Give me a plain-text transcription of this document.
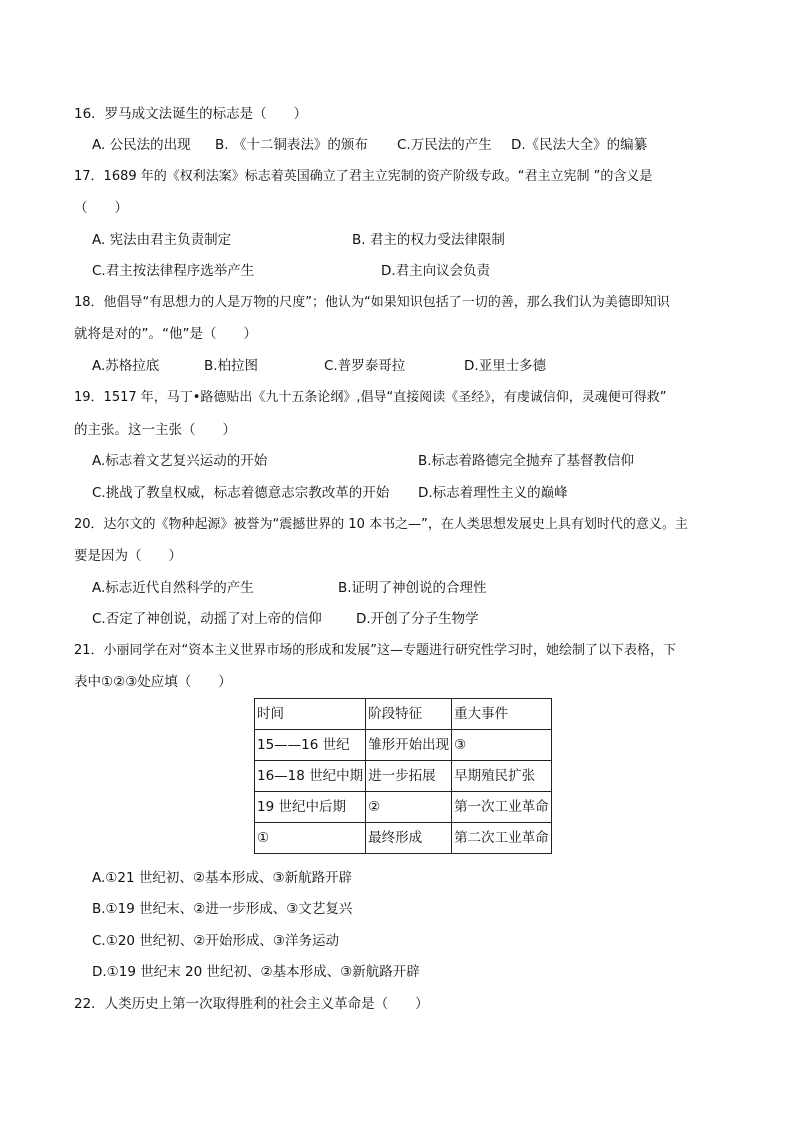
16．罗马成文法诞生的标志是（　　）
A. 公民法的出现 B. 《十二铜表法》的颁布 C.万民法的产生 D.《民法大全》的编纂
17．1689 年的《权利法案》标志着英国确立了君主立宪制的资产阶级专政。“君主立宪制 ”的含义是
（　　）
A. 宪法由君主负责制定	B. 君主的权力受法律限制
C.君主按法律程序选举产生	D.君主向议会负责
18．他倡导“有思想力的人是万物的尺度”；他认为“如果知识包括了一切的善，那么我们认为美德即知识
就将是对的”。“他”是（　　）
A.苏格拉底	B.柏拉图	C.普罗泰哥拉	D.亚里士多德
19．1517 年，马丁•路德贴出《九十五条论纲》,倡导“直接阅读《圣经》，有虔诚信仰，灵魂便可得救”
的主张。这一主张（　　）
A.标志着文艺复兴运动的开始	B.标志着路德完全抛弃了基督教信仰
C.挑战了教皇权威，标志着德意志宗教改革的开始 D.标志着理性主义的巅峰
20．达尔文的《物种起源》被誉为“震撼世界的 10 本书之—”，在人类思想发展史上具有划时代的意义。主
要是因为（　　）
A.标志近代自然科学的产生	B.证明了神创说的合理性
C.否定了神创说，动摇了对上帝的信仰	D.开创了分子生物学
21．小丽同学在对“资本主义世界市场的形成和发展”这—专题进行研究性学习时，她绘制了以下表格，下
表中①②③处应填（　　）
时间	阶段特征	重大事件
15——16 世纪	雏形开始出现	③
16—18 世纪中期	进一步拓展	早期殖民扩张
19 世纪中后期	②	第一次工业革命
①	最终形成	第二次工业革命
A.①21 世纪初、②基本形成、③新航路开辟
B.①19 世纪末、②进一步形成、③文艺复兴
C.①20 世纪初、②开始形成、③洋务运动
D.①19 世纪末 20 世纪初、②基本形成、③新航路开辟
22．人类历史上第一次取得胜利的社会主义革命是（　　）
